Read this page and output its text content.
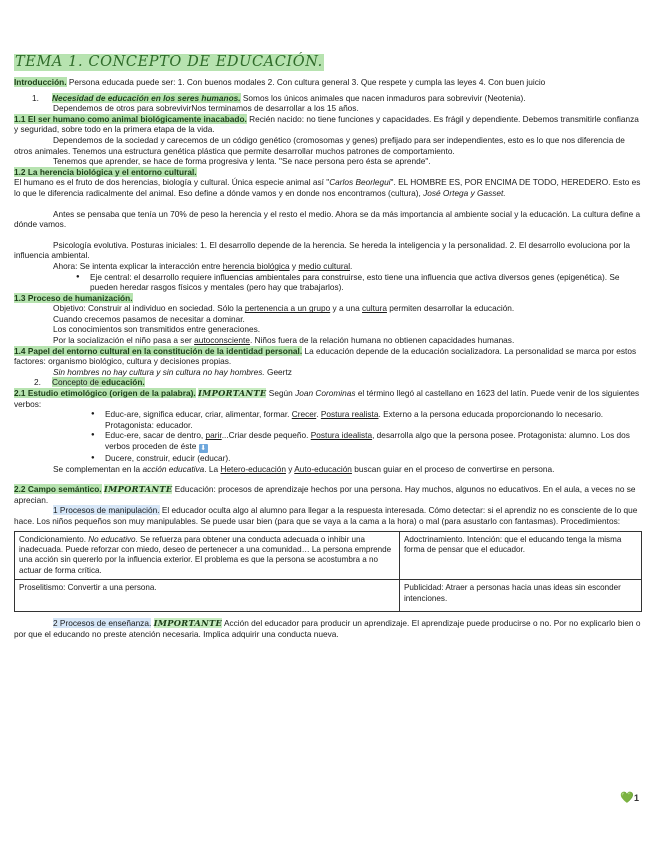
TEMA 1. CONCEPTO DE EDUCACIÓN.

Introducción. Persona educada puede ser: 1. Con buenos modales 2. Con cultura general 3. Que respete y cumpla las leyes 4. Con buen juicio

1. Necesidad de educación en los seres humanos. Somos los únicos animales que nacen inmaduros para sobrevivir (Neotenia).

Dependemos de otros para sobrevivirNos terminamos de desarrollar a los 15 años.

1.1 El ser humano como animal biológicamente inacabado. Recién nacido: no tiene funciones y capacidades. Es frágil y dependiente. Debemos transmitirle confianza y seguridad, sobre todo en la primera etapa de la vida.

Dependemos de la sociedad y carecemos de un código genético (cromosomas y genes) prefijado para ser independientes, esto es lo que nos diferencia de otros animales. Tenemos una estructura genética plástica que permite desarrollar muchos patrones de comportamiento.

Tenemos que aprender, se hace de forma progresiva y lenta. "Se nace persona pero ésta se aprende".

1.2 La herencia biológica y el entorno cultural.

El humano es el fruto de dos herencias, biología y cultural. Única especie animal así "Carlos Beorlegui". EL HOMBRE ES, POR ENCIMA DE TODO, HEREDERO. Esto es lo que le diferencia radicalmente del animal. Eso define a dónde vamos y en donde nos encontramos (cultura), José Ortega y Gasset.

Antes se pensaba que tenía un 70% de peso la herencia y el resto el medio. Ahora se da más importancia al ambiente social y la educación. La cultura define a dónde vamos.

Psicología evolutiva. Posturas iniciales: 1. El desarrollo depende de la herencia. Se hereda la inteligencia y la personalidad. 2. El desarrollo evoluciona por la influencia ambiental.

Ahora: Se intenta explicar la interacción entre herencia biológica y medio cultural.

● Eje central: el desarrollo requiere influencias ambientales para construirse, esto tiene una influencia que activa diversos genes (epigenética). Se pueden heredar rasgos físicos y mentales (pero hay que trabajarlos).

1.3 Proceso de humanización.

Objetivo: Construir al individuo en sociedad. Sólo la pertenencia a un grupo y a una cultura permiten desarrollar la educación.

Cuando crecemos pasamos de necesitar a dominar.

Los conocimientos son transmitidos entre generaciones.

Por la socialización el niño pasa a ser autoconsciente. Niños fuera de la relación humana no obtienen capacidades humanas.

1.4 Papel del entorno cultural en la constitución de la identidad personal. La educación depende de la educación socializadora. La personalidad se marca por estos factores: organismo biológico, cultura y decisiones propias.

Sin hombres no hay cultura y sin cultura no hay hombres. Geertz

2. Concepto de educación.

2.1 Estudio etimológico (origen de la palabra). IMPORTANTE Según Joan Corominas el término llegó al castellano en 1623 del latín. Puede venir de los siguientes verbos:

● Educ-are, significa educar, criar, alimentar, formar. Crecer. Postura realista. Externo a la persona educada proporcionando lo necesario. Protagonista: educador.
● Educ-ere, sacar de dentro, parir...Criar desde pequeño. Postura idealista, desarrolla algo que la persona posee. Protagonista: alumno. Los dos verbos proceden de éste ⬇
● Ducere, construir, educir (educar).

Se complementan en la acción educativa. La Hetero-educación y Auto-educación buscan guiar en el proceso de convertirse en persona.

2.2 Campo semántico. IMPORTANTE Educación: procesos de aprendizaje hechos por una persona. Hay muchos, algunos no educativos. En el aula, a veces no se aprecian.

1 Procesos de manipulación. El educador oculta algo al alumno para llegar a la respuesta interesada. Cómo detectar: si el aprendiz no es consciente de lo que hace. Los niños pequeños son muy manipulables. Se puede usar bien (para que se vaya a la cama a la hora) o mal (para asustarlo con fantasmas). Procedimientos:

Condicionamiento. No educativo. Se refuerza para obtener una conducta adecuada o inhibir una inadecuada. Puede reforzar con miedo, deseo de pertenecer a una comunidad… La persona emprende una acción sin quererlo por la influencia exterior. El problema es que la persona se acostumbra a no actuar de forma crítica.	Adoctrinamiento. Intención: que el educando tenga la misma forma de pensar que el educador.
Proselitismo: Convertir a una persona.	Publicidad: Atraer a personas hacia unas ideas sin esconder intenciones.

2 Procesos de enseñanza. IMPORTANTE Acción del educador para producir un aprendizaje. El aprendizaje puede producirse o no. Por no explicarlo bien o por que el educando no preste atención necesaria. Implica adquirir una conducta nueva.

💚1
